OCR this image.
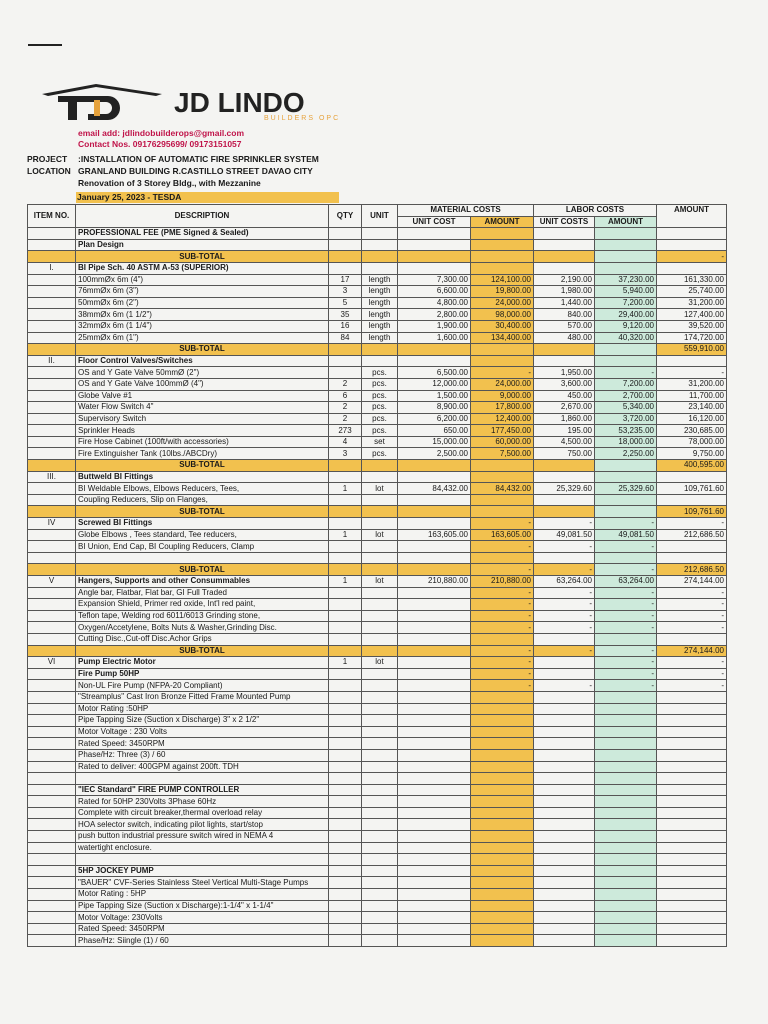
JD LINDO
BUILDERS OPC
email add: jdlindobuilderops@gmail.com
Contact Nos. 09176295699/ 09173151057
PROJECT	:INSTALLATION OF AUTOMATIC FIRE SPRINKLER SYSTEM
LOCATION GRANLAND BUILDING R.CASTILLO STREET DAVAO CITY
Renovation of 3 Storey Bldg., with Mezzanine
January 25, 2023 - TESDA
ITEM NO.	DESCRIPTION	QTY	UNIT	MATERIAL COSTS		LABOR COSTS		AMOUNT
				UNIT COST	AMOUNT	UNIT COSTS	AMOUNT	
	PROFESSIONAL FEE (PME Signed & Sealed)							
	Plan Design							
	SUB-TOTAL							-
I.	BI Pipe Sch. 40 ASTM A-53 (SUPERIOR)							
	100mmØx 6m (4")	17	length	7,300.00	124,100.00	2,190.00	37,230.00	161,330.00
	76mmØx 6m (3")	3	length	6,600.00	19,800.00	1,980.00	5,940.00	25,740.00
	50mmØx 6m (2")	5	length	4,800.00	24,000.00	1,440.00	7,200.00	31,200.00
	38mmØx 6m (1 1/2")	35	length	2,800.00	98,000.00	840.00	29,400.00	127,400.00
	32mmØx 6m (1 1/4")	16	length	1,900.00	30,400.00	570.00	9,120.00	39,520.00
	25mmØx 6m (1")	84	length	1,600.00	134,400.00	480.00	40,320.00	174,720.00
	SUB-TOTAL							559,910.00
II.	Floor Control Valves/Switches							
	OS and Y Gate Valve 50mmØ (2")		pcs.	6,500.00	-	1,950.00	-	-
	OS and Y Gate Valve 100mmØ (4")	2	pcs.	12,000.00	24,000.00	3,600.00	7,200.00	31,200.00
	Globe Valve #1	6	pcs.	1,500.00	9,000.00	450.00	2,700.00	11,700.00
	Water Flow Switch 4"	2	pcs.	8,900.00	17,800.00	2,670.00	5,340.00	23,140.00
	Supervisory Switch	2	pcs.	6,200.00	12,400.00	1,860.00	3,720.00	16,120.00
	Sprinkler Heads	273	pcs.	650.00	177,450.00	195.00	53,235.00	230,685.00
	Fire Hose Cabinet (100ft/with accessories)	4	set	15,000.00	60,000.00	4,500.00	18,000.00	78,000.00
	Fire Extinguisher Tank (10lbs./ABCDry)	3	pcs.	2,500.00	7,500.00	750.00	2,250.00	9,750.00
	SUB-TOTAL							400,595.00
III.	Buttweld BI Fittings							
	BI Weldable Elbows, Elbows Reducers, Tees,	1	lot	84,432.00	84,432.00	25,329.60	25,329.60	109,761.60
	Coupling Reducers, Slip on Flanges,							
	SUB-TOTAL							109,761.60
IV	Screwed BI Fittings				-	-	-	-
	Globe Elbows , Tees standard, Tee reducers,	1	lot	163,605.00	163,605.00	49,081.50	49,081.50	212,686.50
	BI Union, End Cap, BI Coupling Reducers, Clamp				-	-	-	

	SUB-TOTAL				-	-	-	212,686.50
V	Hangers, Supports and other Consummables	1	lot	210,880.00	210,880.00	63,264.00	63,264.00	274,144.00
	Angle bar, Flatbar, Flat bar, GI Full Traded				-	-	-	-
	Expansion Shield, Primer red oxide, Int'l red paint,				-	-	-	-
	Teflon tape, Welding rod 6011/6013 Grinding stone,				-	-	-	-
	Oxygen/Accetylene, Bolts Nuts & Washer,Grinding Disc.				-	-	-	-
	Cutting Disc.,Cut-off Disc.Achor Grips							
	SUB-TOTAL				-	-	-	274,144.00
VI	Pump Electric Motor	1	lot		-		-	-
	Fire Pump 50HP				-		-	-
	Non-UL Fire Pump (NFPA-20 Compliant)				-	-	-	-
	"Streamplus" Cast Iron Bronze Fitted Frame Mounted Pump							
	Motor Rating :50HP							
	Pipe Tapping Size (Suction x Discharge) 3" x 2 1/2"							
	Motor Voltage : 230 Volts							
	Rated Speed: 3450RPM							
	Phase/Hz: Three (3) / 60							
	Rated to deliver: 400GPM against 200ft. TDH							

	"IEC Standard" FIRE PUMP CONTROLLER							
	Rated for 50HP 230Volts 3Phase 60Hz							
	Complete with circuit breaker,thermal overload relay							
	HOA selector switch, indicating pilot lights, start/stop							
	push button industrial pressure switch wired in NEMA 4							
	watertight enclosure.							

	5HP JOCKEY PUMP							
	"BAUER" CVF-Series Stainless Steel Vertical Multi-Stage Pumps							
	Motor Rating : 5HP							
	Pipe Tapping Size (Suction x Discharge):1-1/4" x 1-1/4"							
	Motor Voltage: 230Volts							
	Rated Speed: 3450RPM							
	Phase/Hz: Siingle (1) / 60							
